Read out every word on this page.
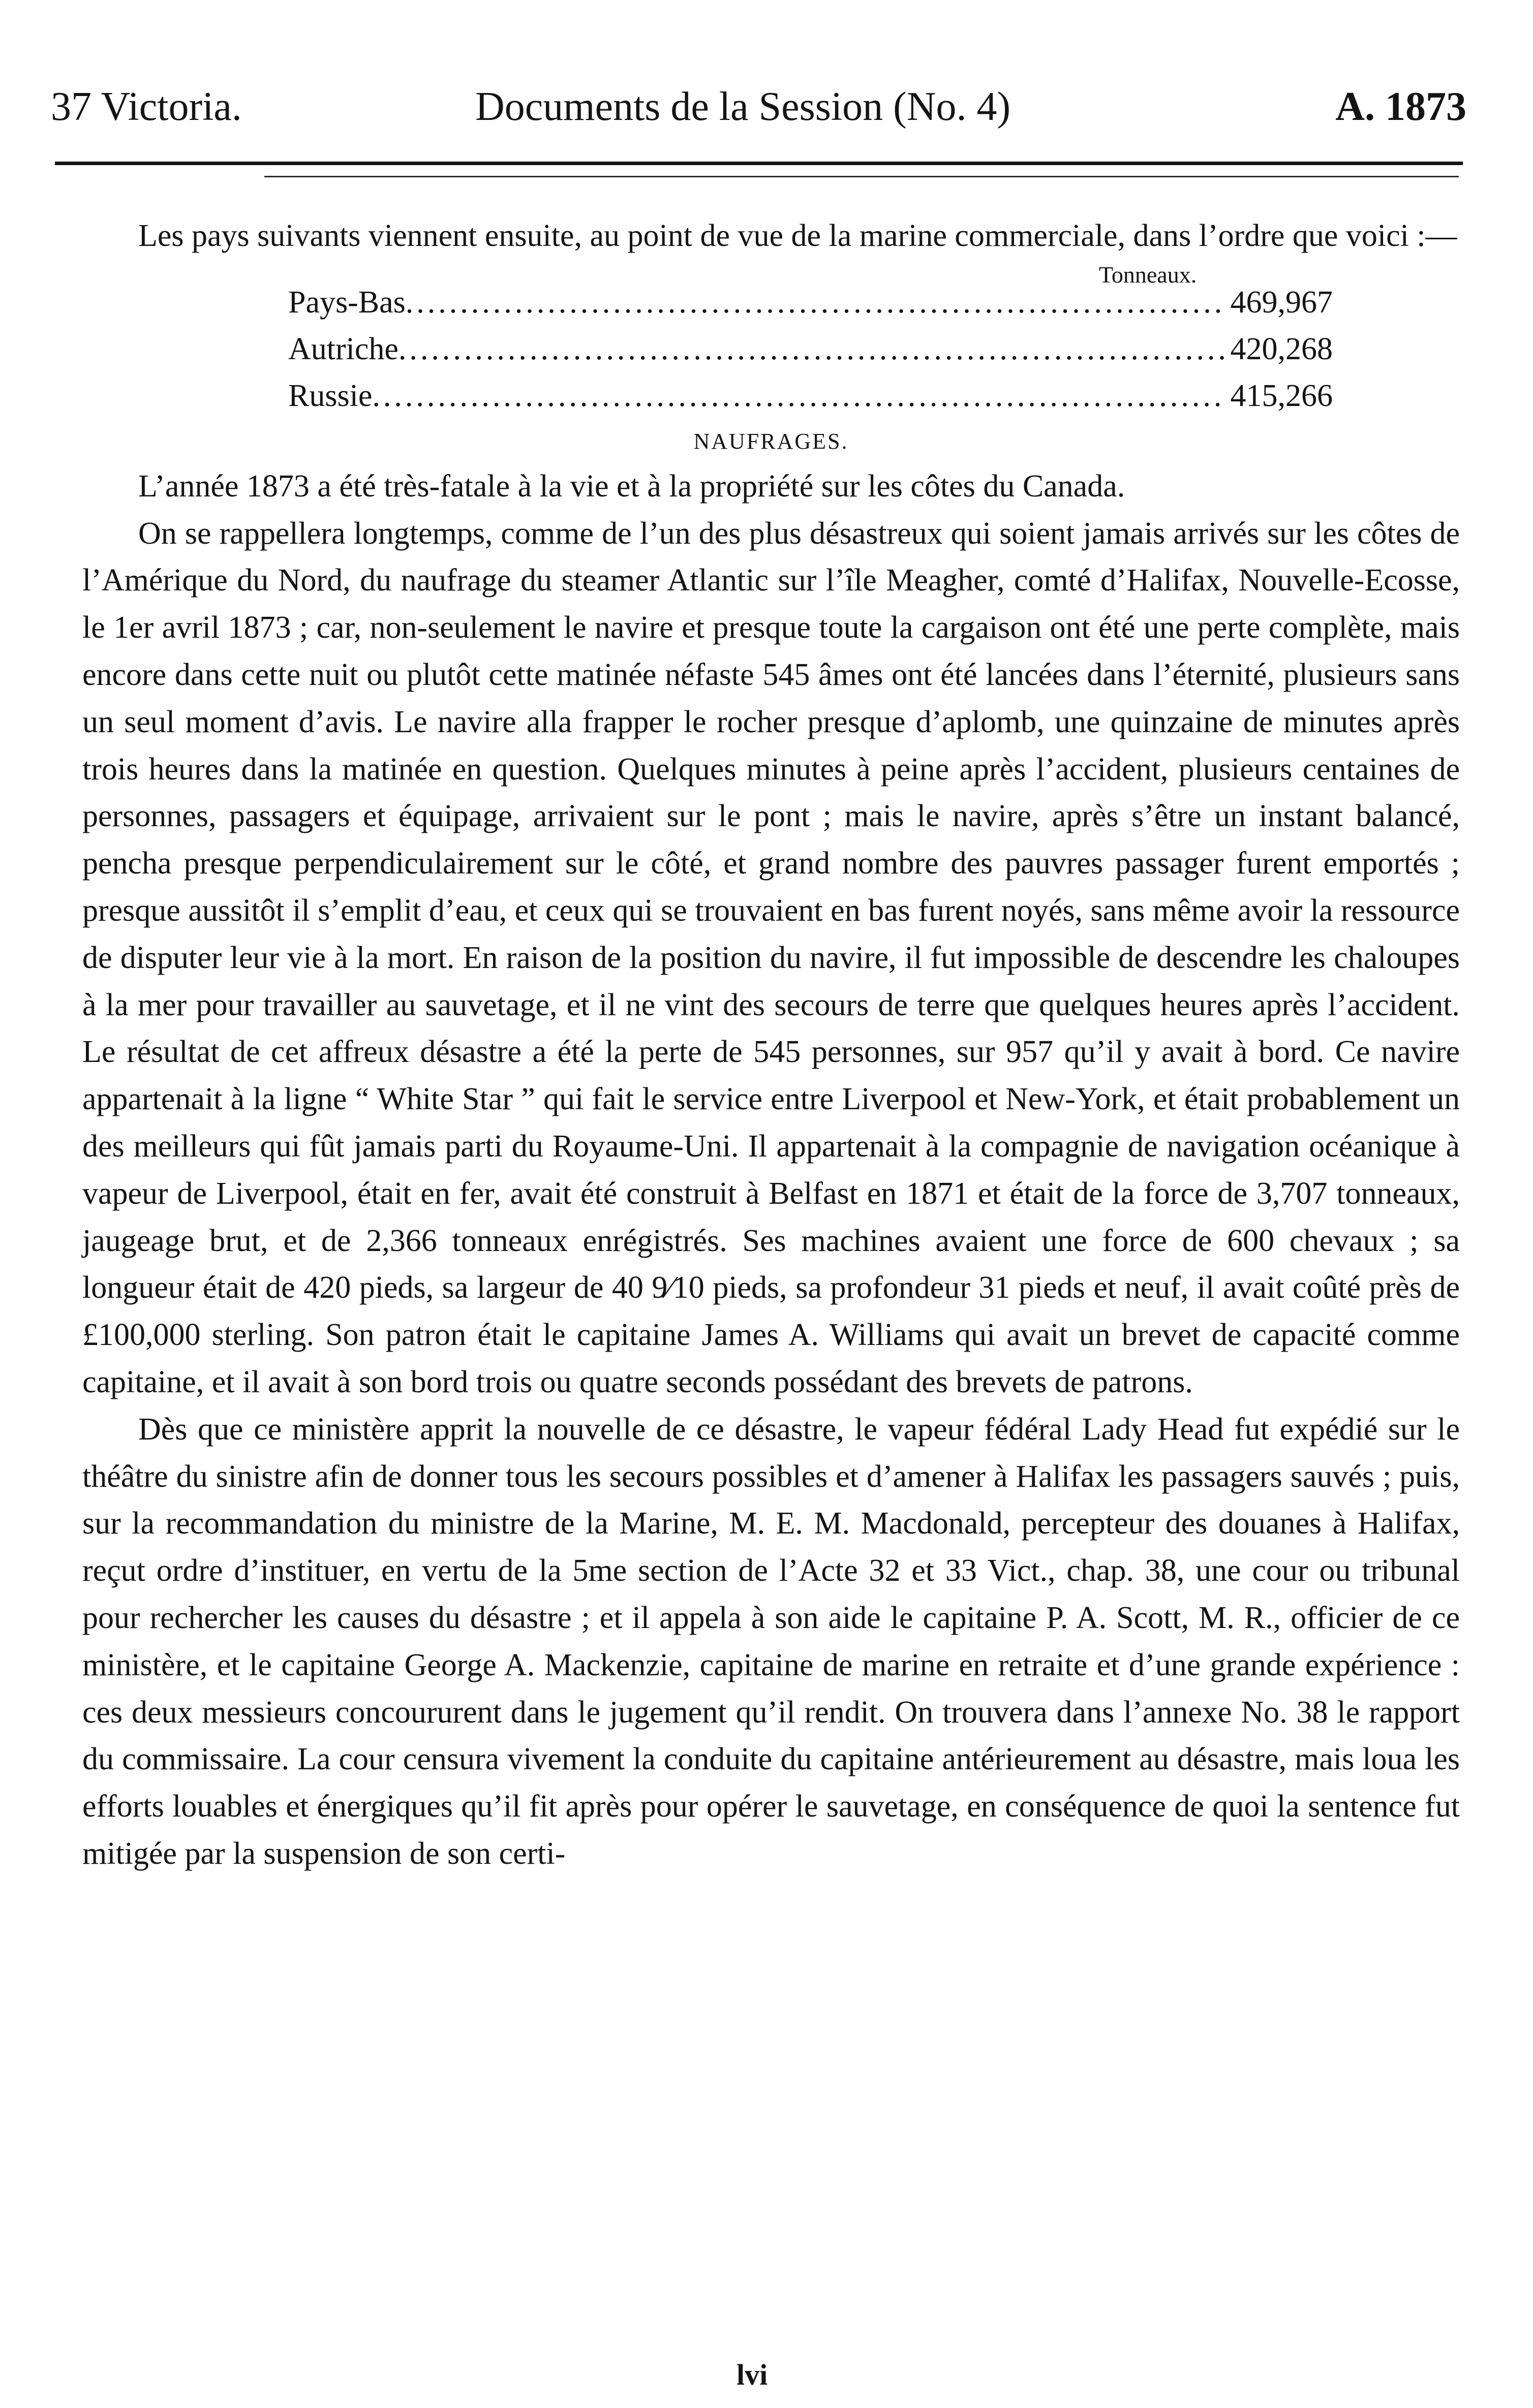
37 Victoria.	Documents de la Session (No. 4)	A. 1873

Les pays suivants viennent ensuite, au point de vue de la marine commerciale, dans l’ordre que voici :—

Tonneaux.
Pays-Bas .....	469,967
Autriche .....	420,268
Russie .....	415,266
NAUFRAGES.

L’année 1873 a été très-fatale à la vie et à la propriété sur les côtes du Canada.

On se rappellera longtemps, comme de l’un des plus désastreux qui soient jamais arrivés sur les côtes de l’Amérique du Nord, du naufrage du steamer Atlantic sur l’île Meagher, comté d’Halifax, Nouvelle-Ecosse, le 1er avril 1873 ; car, non-seulement le navire et presque toute la cargaison ont été une perte complète, mais encore dans cette nuit ou plutôt cette matinée néfaste 545 âmes ont été lancées dans l’éternité, plusieurs sans un seul moment d’avis. Le navire alla frapper le rocher presque d’aplomb, une quinzaine de minutes après trois heures dans la matinée en question. Quelques minutes à peine après l’accident, plusieurs centaines de personnes, passagers et équipage, arrivaient sur le pont ; mais le navire, après s’être un instant balancé, pencha presque perpendiculairement sur le côté, et grand nombre des pauvres passager furent emportés ; presque aussitôt il s’emplit d’eau, et ceux qui se trouvaient en bas furent noyés, sans même avoir la ressource de disputer leur vie à la mort. En raison de la position du navire, il fut impossible de descendre les chaloupes à la mer pour travailler au sauvetage, et il ne vint des secours de terre que quelques heures après l’accident. Le résultat de cet affreux désastre a été la perte de 545 personnes, sur 957 qu’il y avait à bord. Ce navire appartenait à la ligne “ White Star ” qui fait le service entre Liverpool et New-York, et était probablement un des meilleurs qui fût jamais parti du Royaume-Uni. Il appartenait à la compagnie de navigation océanique à vapeur de Liverpool, était en fer, avait été construit à Belfast en 1871 et était de la force de 3,707 tonneaux, jaugeage brut, et de 2,366 tonneaux enrégistrés. Ses machines avaient une force de 600 chevaux ; sa longueur était de 420 pieds, sa largeur de 40 9⁄10 pieds, sa profondeur 31 pieds et neuf, il avait coûté près de £100,000 sterling. Son patron était le capitaine James A. Williams qui avait un brevet de capacité comme capitaine, et il avait à son bord trois ou quatre seconds possédant des brevets de patrons.

Dès que ce ministère apprit la nouvelle de ce désastre, le vapeur fédéral Lady Head fut expédié sur le théâtre du sinistre afin de donner tous les secours possibles et d’amener à Halifax les passagers sauvés ; puis, sur la recommandation du ministre de la Marine, M. E. M. Macdonald, percepteur des douanes à Halifax, reçut ordre d’instituer, en vertu de la 5me section de l’Acte 32 et 33 Vict., chap. 38, une cour ou tribunal pour rechercher les causes du désastre ; et il appela à son aide le capitaine P. A. Scott, M. R., officier de ce ministère, et le capitaine George A. Mackenzie, capitaine de marine en retraite et d’une grande expérience : ces deux messieurs concoururent dans le jugement qu’il rendit. On trouvera dans l’annexe No. 38 le rapport du commissaire. La cour censura vivement la conduite du capitaine antérieurement au désastre, mais loua les efforts louables et énergiques qu’il fit après pour opérer le sauvetage, en conséquence de quoi la sentence fut mitigée par la suspension de son certi-

lvi
